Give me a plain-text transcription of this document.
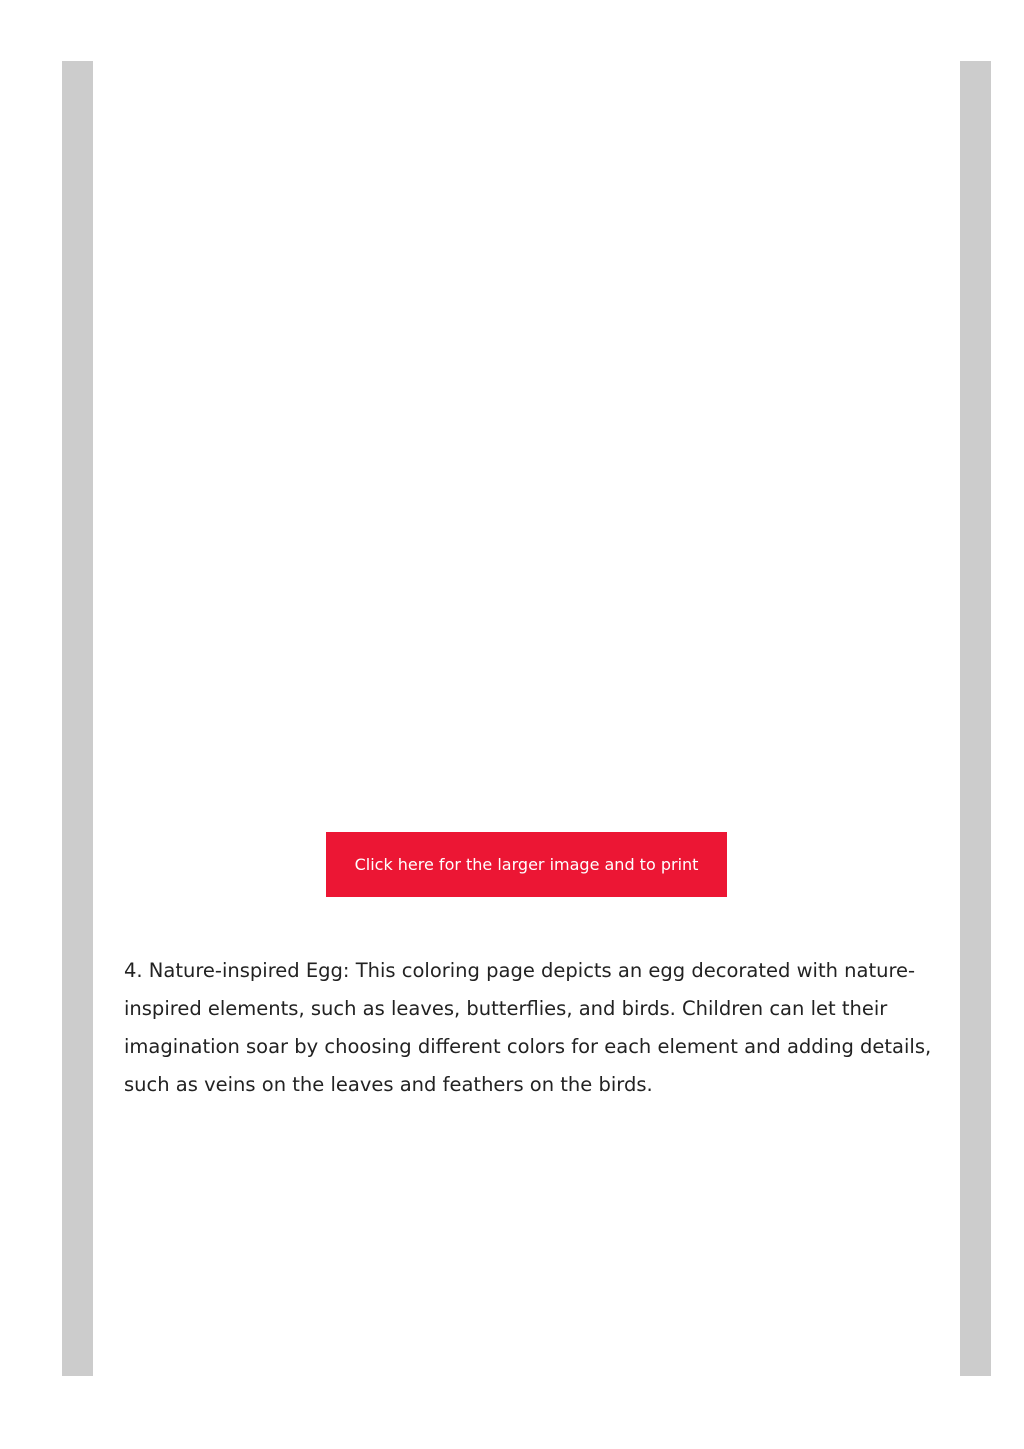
Click here for the larger image and to print

4. Nature-inspired Egg: This coloring page depicts an egg decorated with nature-inspired elements, such as leaves, butterflies, and birds. Children can let their imagination soar by choosing different colors for each element and adding details, such as veins on the leaves and feathers on the birds.
